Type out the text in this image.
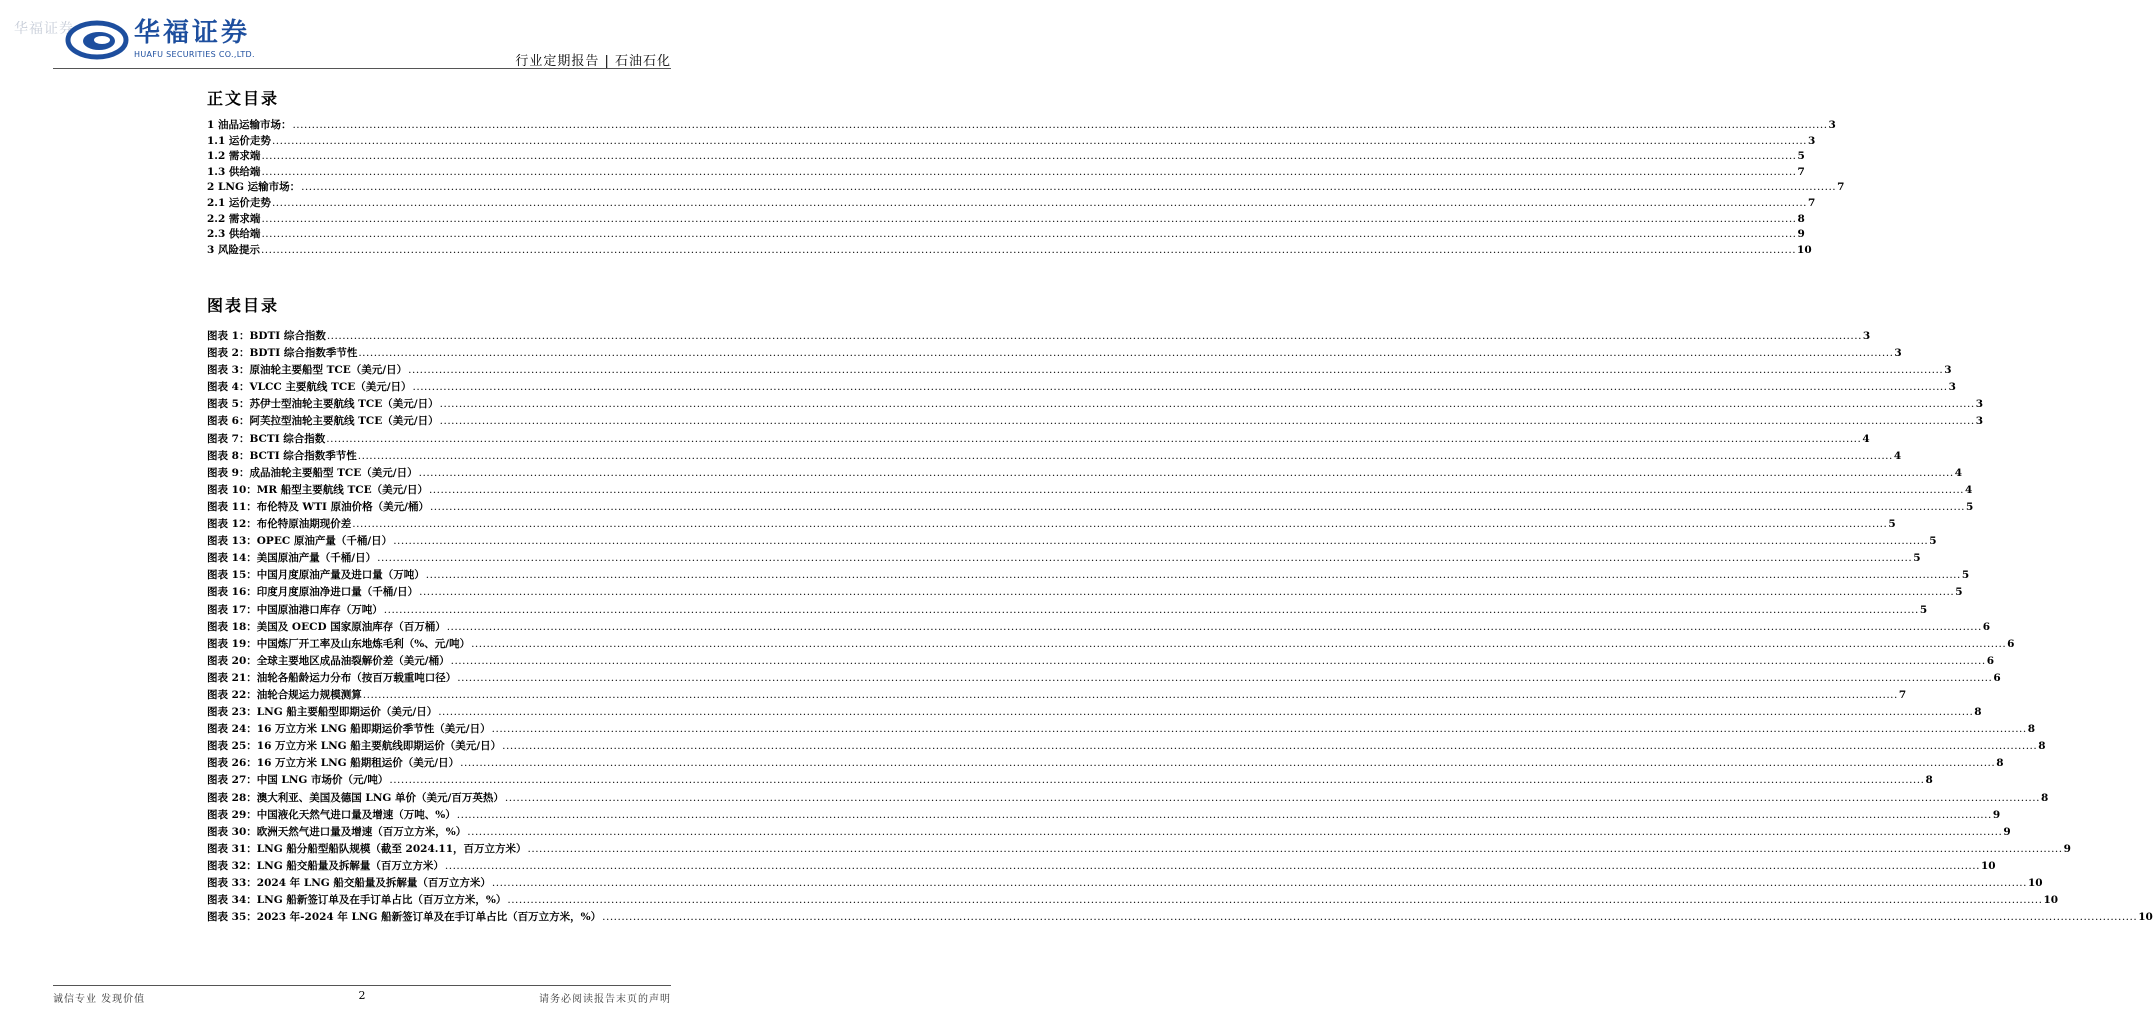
华福证券 华福证券
HUAFU SECURITIES CO.,LTD.	行业定期报告 | 石油石化
正文目录
1 油品运输市场： ................................................................................................................................................................................................................................................................................................................................................................................................................ 3
1.1 运价走势 ................................................................................................................................................................................................................................................................................................................................................................................................................ 3
1.2 需求端 ................................................................................................................................................................................................................................................................................................................................................................................................................ 5
1.3 供给端 ................................................................................................................................................................................................................................................................................................................................................................................................................ 7
2 LNG 运输市场： ................................................................................................................................................................................................................................................................................................................................................................................................................ 7
2.1 运价走势 ................................................................................................................................................................................................................................................................................................................................................................................................................ 7
2.2 需求端 ................................................................................................................................................................................................................................................................................................................................................................................................................ 8
2.3 供给端 ................................................................................................................................................................................................................................................................................................................................................................................................................ 9
3 风险提示 ................................................................................................................................................................................................................................................................................................................................................................................................................ 10
图表目录
图表 1： BDTI 综合指数 ................................................................................................................................................................................................................................................................................................................................................................................................................ 3
图表 2： BDTI 综合指数季节性 ................................................................................................................................................................................................................................................................................................................................................................................................................ 3
图表 3： 原油轮主要船型 TCE（美元/日） ................................................................................................................................................................................................................................................................................................................................................................................................................ 3
图表 4： VLCC 主要航线 TCE（美元/日） ................................................................................................................................................................................................................................................................................................................................................................................................................ 3
图表 5： 苏伊士型油轮主要航线 TCE（美元/日） ................................................................................................................................................................................................................................................................................................................................................................................................................ 3
图表 6： 阿芙拉型油轮主要航线 TCE（美元/日） ................................................................................................................................................................................................................................................................................................................................................................................................................ 3
图表 7： BCTI 综合指数 ................................................................................................................................................................................................................................................................................................................................................................................................................ 4
图表 8： BCTI 综合指数季节性 ................................................................................................................................................................................................................................................................................................................................................................................................................ 4
图表 9： 成品油轮主要船型 TCE（美元/日） ................................................................................................................................................................................................................................................................................................................................................................................................................ 4
图表 10： MR 船型主要航线 TCE（美元/日） ................................................................................................................................................................................................................................................................................................................................................................................................................ 4
图表 11： 布伦特及 WTI 原油价格（美元/桶） ................................................................................................................................................................................................................................................................................................................................................................................................................ 5
图表 12： 布伦特原油期现价差 ................................................................................................................................................................................................................................................................................................................................................................................................................ 5
图表 13： OPEC 原油产量（千桶/日） ................................................................................................................................................................................................................................................................................................................................................................................................................ 5
图表 14： 美国原油产量（千桶/日） ................................................................................................................................................................................................................................................................................................................................................................................................................ 5
图表 15： 中国月度原油产量及进口量（万吨） ................................................................................................................................................................................................................................................................................................................................................................................................................ 5
图表 16： 印度月度原油净进口量（千桶/日） ................................................................................................................................................................................................................................................................................................................................................................................................................ 5
图表 17： 中国原油港口库存（万吨） ................................................................................................................................................................................................................................................................................................................................................................................................................ 5
图表 18： 美国及 OECD 国家原油库存（百万桶） ................................................................................................................................................................................................................................................................................................................................................................................................................ 6
图表 19： 中国炼厂开工率及山东地炼毛利（%、元/吨） ................................................................................................................................................................................................................................................................................................................................................................................................................ 6
图表 20： 全球主要地区成品油裂解价差（美元/桶） ................................................................................................................................................................................................................................................................................................................................................................................................................ 6
图表 21： 油轮各船龄运力分布（按百万载重吨口径） ................................................................................................................................................................................................................................................................................................................................................................................................................ 6
图表 22： 油轮合规运力规模测算 ................................................................................................................................................................................................................................................................................................................................................................................................................ 7
图表 23： LNG 船主要船型即期运价（美元/日） ................................................................................................................................................................................................................................................................................................................................................................................................................ 8
图表 24： 16 万立方米 LNG 船即期运价季节性（美元/日） ................................................................................................................................................................................................................................................................................................................................................................................................................ 8
图表 25： 16 万立方米 LNG 船主要航线即期运价（美元/日） ................................................................................................................................................................................................................................................................................................................................................................................................................ 8
图表 26： 16 万立方米 LNG 船期租运价（美元/日） ................................................................................................................................................................................................................................................................................................................................................................................................................ 8
图表 27： 中国 LNG 市场价（元/吨） ................................................................................................................................................................................................................................................................................................................................................................................................................ 8
图表 28： 澳大利亚、美国及德国 LNG 单价（美元/百万英热） ................................................................................................................................................................................................................................................................................................................................................................................................................ 8
图表 29： 中国液化天然气进口量及增速（万吨、%） ................................................................................................................................................................................................................................................................................................................................................................................................................ 9
图表 30： 欧洲天然气进口量及增速（百万立方米，%） ................................................................................................................................................................................................................................................................................................................................................................................................................ 9
图表 31： LNG 船分船型船队规模（截至 2024.11，百万立方米） ................................................................................................................................................................................................................................................................................................................................................................................................................ 9
图表 32： LNG 船交船量及拆解量（百万立方米） ................................................................................................................................................................................................................................................................................................................................................................................................................ 10
图表 33： 2024 年 LNG 船交船量及拆解量（百万立方米） ................................................................................................................................................................................................................................................................................................................................................................................................................ 10
图表 34： LNG 船新签订单及在手订单占比（百万立方米，%） ................................................................................................................................................................................................................................................................................................................................................................................................................ 10
图表 35： 2023 年-2024 年 LNG 船新签订单及在手订单占比（百万立方米，%） ................................................................................................................................................................................................................................................................................................................................................................................................................ 10
诚信专业 发现价值	2	请务必阅读报告末页的声明
